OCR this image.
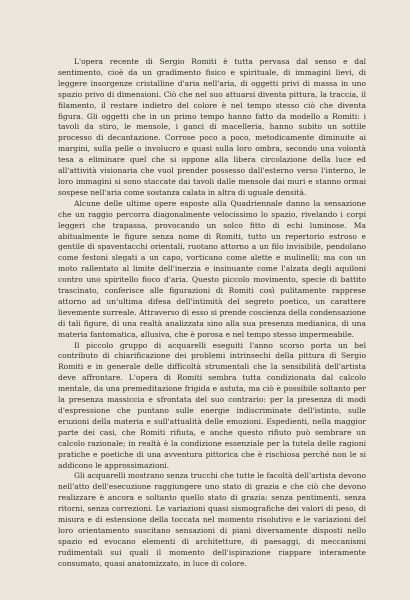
L'opera recente di Sergio Romiti è tutta pervasa dal senso e dal sentimento, cioè da un gradimento fisico e spirituale, di immagini lievi, di leggere insorgenze cristalline d'aria nell'aria, di oggetti privi di massa in uno spazio privo di dimensioni. Ciò che nel suo attuarsi diventa pittura, la traccia, il filamento, il restare indietro del colore è nel tempo stesso ciò che diventa figura. Gli oggetti che in un primo tempo hanno fatto da modello a Romiti: i tavoli da stiro, le mensole, i ganci di macelleria, hanno subito un sottile processo di decantazione. Corrose poco a poco, metodicamente diminuite ai margini, sulla pelle o involucro e quasi sulla loro ombra, secondo una volontà tesa a eliminare quel che si oppone alla libera circolazione della luce ed all'attività visionaria che vuol prender possesso dall'esterno verso l'interno, le loro immagini si sono staccate dai tavoli dalle mensole dai muri e stanno ormai sospese nell'aria come sostanza calata in altra di uguale densità.

Alcune delle ultime opere esposte alla Quadriennale danno la sensazione che un raggio percorra diagonalmente velocissimo lo spazio, rivelando i corpi leggeri che trapassa, provocando un solco fitto di echi luminose. Ma abitualmente le figure senza nome di Romiti, tutto un repertorio estroso e gentile di spaventacchi orientali, ruotano attorno a un filo invisibile, pendolano come festoni slegati a un capo, vorticano come alette e mulinelli; ma con un moto rallentato al limite dell'inerzia e insinuante come l'alzata degli aquiloni contro uno spiritello fioco d'aria. Questo piccolo movimento, specie di battito trascinato, conferisce alle figurazioni di Romiti così pulitamente rapprese attorno ad un'ultima difesa dell'intimità del segreto poetico, un carattere lievemente surreale. Attraverso di esso si prende coscienza della condensazione di tali figure, di una realtà analizzata sino alla sua presenza medianica, di una materia fantomatica, allusiva, che è porosa e nel tempo stesso impermeabile.

Il piccolo gruppo di acquarelli eseguiti l'anno scorso porta un bel contributo di chiarificazione dei problemi intrinsechi della pittura di Sergio Romiti e in generale delle difficoltà strumentali che la sensibilità dell'artista deve affrontare. L'opera di Romiti sembra tutta condizionata dal calcolo mentale, da una premeditazione frigida e astuta, ma ciò è possibile soltanto per la presenza massiccia e sfrontata del suo contrario: per la presenza di modi d'espressione che puntano sulle energie indiscriminate dell'istinto, sulle eruzioni della materia e sull'attualità delle emozioni. Espedienti, nella maggior parte dei casi, che Romiti rifiuta, e anche questo rifiuto può sembrare un calcolo razionale; in realtà è la condizione essenziale per la tutela delle ragioni pratiche e poetiche di una avventura pittorica che è rischiosa perché non le si addicono le approssimazioni.

Gli acquarelli mostrano senza trucchi che tutte le facoltà dell'artista devono nell'atto dell'esecuzione raggiungere uno stato di grazia e che ciò che devono realizzare è ancora e soltanto quello stato di grazia: senza pentimenti, senza ritorni, senza correzioni. Le variazioni quasi sismografiche dei valori di peso, di misura e di estensione della toccata nel momento risolutivo e le variazioni del loro orientamento suscitano sensazioni di piani diversamente disposti nello spazio ed evocano elementi di architetture, di paesaggi, di meccanismi rudimentali sui quali il momento dell'ispirazione riappare interamente consumato, quasi anatomizzato, in luce di colore.
